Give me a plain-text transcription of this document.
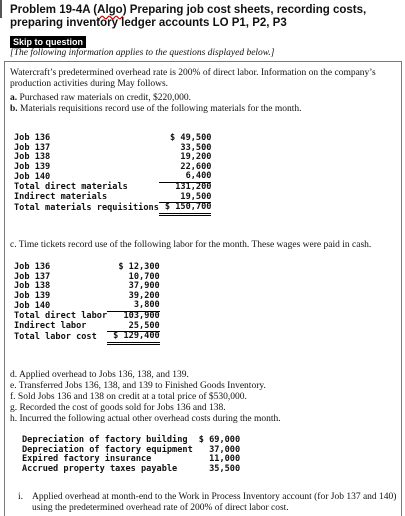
Problem 19-4A (Algo) Preparing job cost sheets, recording costs, preparing inventory ledger accounts LO P1, P2, P3
Skip to question
[The following information applies to the questions displayed below.]
Watercraft’s predetermined overhead rate is 200% of direct labor. Information on the company’s production activities during May follows.
a. Purchased raw materials on credit, $220,000.
b. Materials requisitions record use of the following materials for the month.
Job 136	$ 49,500
Job 137	33,500
Job 138	19,200
Job 139	22,600
Job 140	6,400
Total direct materials	131,200
Indirect materials	19,500
Total materials requisitions	$ 150,700
c. Time tickets record use of the following labor for the month. These wages were paid in cash.
Job 136	$ 12,300
Job 137	10,700
Job 138	37,900
Job 139	39,200
Job 140	3,800
Total direct labor	103,900
Indirect labor	25,500
Total labor cost	$ 129,400
d. Applied overhead to Jobs 136, 138, and 139.
e. Transferred Jobs 136, 138, and 139 to Finished Goods Inventory.
f. Sold Jobs 136 and 138 on credit at a total price of $530,000.
g. Recorded the cost of goods sold for Jobs 136 and 138.
h. Incurred the following actual other overhead costs during the month.
Depreciation of factory building	$ 69,000
Depreciation of factory equipment	37,000
Expired factory insurance	11,000
Accrued property taxes payable	35,500
i. Applied overhead at month-end to the Work in Process Inventory account (for Job 137 and 140) using the predetermined overhead rate of 200% of direct labor cost.
